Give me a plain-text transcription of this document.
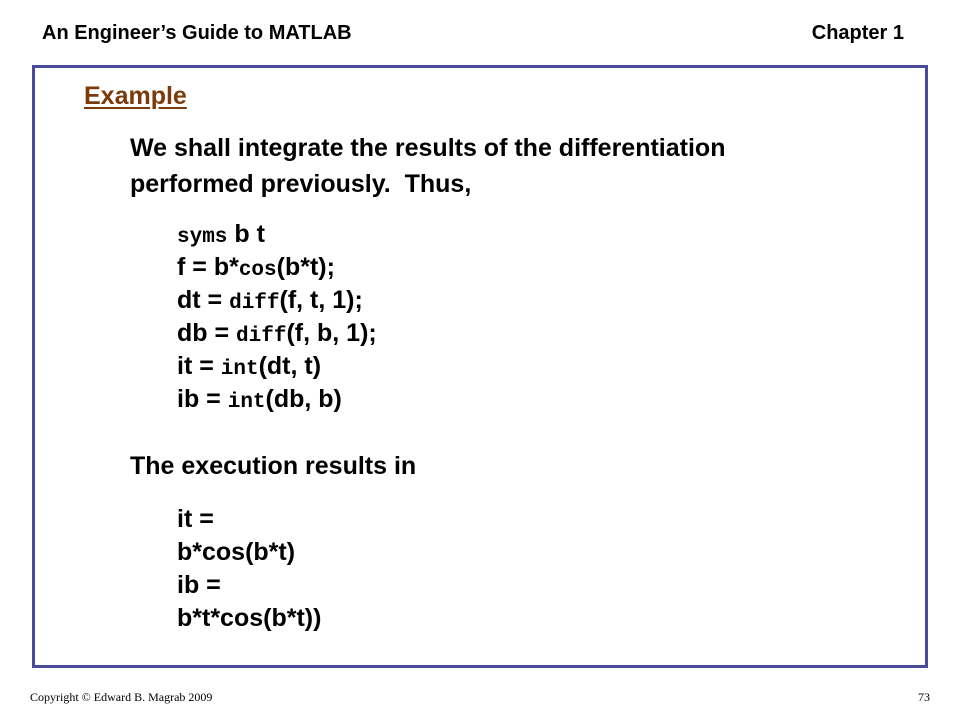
An Engineer’s Guide to MATLAB	Chapter 1
Example
We shall integrate the results of the differentiation
performed previously.  Thus,
syms b t
f = b*cos(b*t);
dt = diff(f, t, 1);
db = diff(f, b, 1);
it = int(dt, t)
ib = int(db, b)
The execution results in
it =
b*cos(b*t)
ib =
b*t*cos(b*t))
Copyright © Edward B. Magrab 2009	73
